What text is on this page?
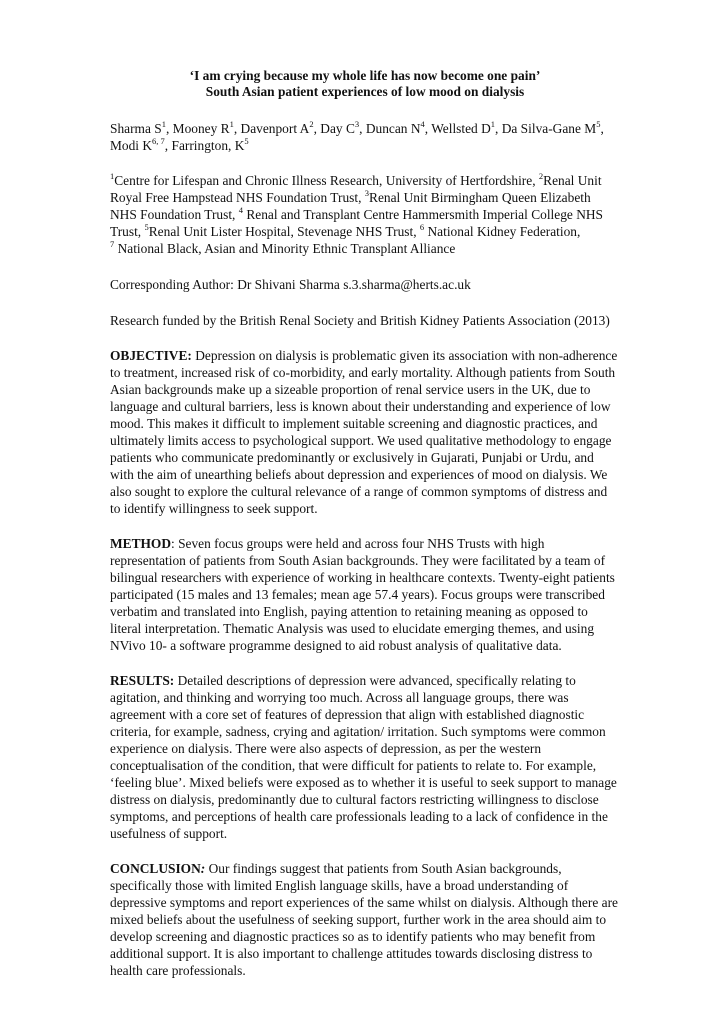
‘I am crying because my whole life has now become one pain’
South Asian patient experiences of low mood on dialysis

Sharma $S^1$, Mooney $R^1$, Davenport $A^2$, Day $C^3$, Duncan $N^4$, Wellsted $D^1$, Da Silva-Gane $M^5$, Modi K$^{6, 7}$, Farrington, $K^5$

$^1$Centre for Lifespan and Chronic Illness Research, University of Hertfordshire, $^2$Renal Unit Royal Free Hampstead NHS Foundation Trust, $^3$Renal Unit Birmingham Queen Elizabeth NHS Foundation Trust, $^4$ Renal and Transplant Centre Hammersmith Imperial College NHS Trust, $^5$Renal Unit Lister Hospital, Stevenage NHS Trust, $^6$ National Kidney Federation,
$^7$ National Black, Asian and Minority Ethnic Transplant Alliance

Corresponding Author: Dr Shivani Sharma s.3.sharma@herts.ac.uk

Research funded by the British Renal Society and British Kidney Patients Association (2013)

OBJECTIVE: Depression on dialysis is problematic given its association with non-adherence to treatment, increased risk of co-morbidity, and early mortality. Although patients from South Asian backgrounds make up a sizeable proportion of renal service users in the UK, due to language and cultural barriers, less is known about their understanding and experience of low mood. This makes it difficult to implement suitable screening and diagnostic practices, and ultimately limits access to psychological support. We used qualitative methodology to engage patients who communicate predominantly or exclusively in Gujarati, Punjabi or Urdu, and with the aim of unearthing beliefs about depression and experiences of mood on dialysis. We also sought to explore the cultural relevance of a range of common symptoms of distress and to identify willingness to seek support.

METHOD: Seven focus groups were held and across four NHS Trusts with high representation of patients from South Asian backgrounds. They were facilitated by a team of bilingual researchers with experience of working in healthcare contexts. Twenty-eight patients participated (15 males and 13 females; mean age 57.4 years). Focus groups were transcribed verbatim and translated into English, paying attention to retaining meaning as opposed to literal interpretation. Thematic Analysis was used to elucidate emerging themes, and using NVivo 10- a software programme designed to aid robust analysis of qualitative data.

RESULTS: Detailed descriptions of depression were advanced, specifically relating to agitation, and thinking and worrying too much. Across all language groups, there was agreement with a core set of features of depression that align with established diagnostic criteria, for example, sadness, crying and agitation/ irritation. Such symptoms were common experience on dialysis. There were also aspects of depression, as per the western conceptualisation of the condition, that were difficult for patients to relate to. For example, ‘feeling blue’. Mixed beliefs were exposed as to whether it is useful to seek support to manage distress on dialysis, predominantly due to cultural factors restricting willingness to disclose symptoms, and perceptions of health care professionals leading to a lack of confidence in the usefulness of support.

CONCLUSION: Our findings suggest that patients from South Asian backgrounds, specifically those with limited English language skills, have a broad understanding of depressive symptoms and report experiences of the same whilst on dialysis. Although there are mixed beliefs about the usefulness of seeking support, further work in the area should aim to develop screening and diagnostic practices so as to identify patients who may benefit from additional support. It is also important to challenge attitudes towards disclosing distress to health care professionals.
